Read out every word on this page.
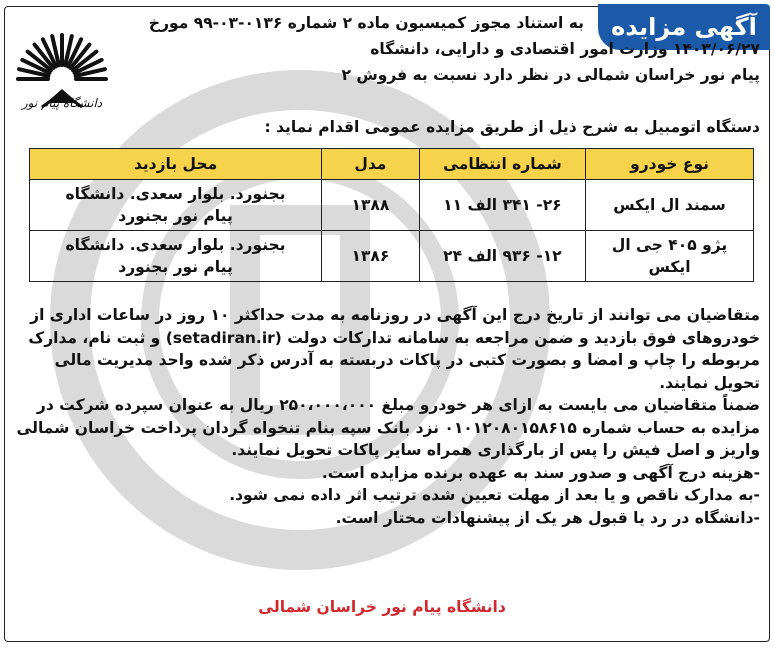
آگهی مزایده
دانشگاه پیام نور
به استناد مجوز کمیسیون ماده ۲ شماره ۰۱۳۶-۰۳-۹۹ مورخ
۱۴۰۳/۰۶/۲۷ وزارت امور اقتصادی و دارایی، دانشگاه
پیام نور خراسان شمالی در نظر دارد نسبت به فروش ۲
دستگاه اتومبیل به شرح ذیل از طریق مزایده عمومی اقدام نماید :
نوع خودرو	شماره انتظامی	مدل	محل بازدید
سمند ال ایکس	۲۶- ۳۴۱ الف ۱۱	۱۳۸۸	بجنورد. بلوار سعدی. دانشگاه
پیام نور بجنورد
پژو ۴۰۵ جی ال
ایکس	۱۲- ۹۳۶ الف ۲۴	۱۳۸۶	بجنورد. بلوار سعدی. دانشگاه
پیام نور بجنورد
متقاضیان می توانند از تاریخ درج این آگهی در روزنامه به مدت حداکثر ۱۰ روز در ساعات اداری از
خودروهای فوق بازدید و ضمن مراجعه به سامانه تدارکات دولت (setadiran.ir) و ثبت نام، مدارک
مربوطه را چاپ و امضا و بصورت کتبی در پاکات دربسته به آدرس ذکر شده واحد مدیریت مالی
تحویل نمایند.
ضمناً متقاضیان می بایست به ازای هر خودرو مبلغ ۲۵۰،۰۰۰،۰۰۰ ریال به عنوان سپرده شرکت در
مزایده به حساب شماره ۰۱۰۱۲۰۸۰۱۵۸۶۱۵ نزد بانک سپه بنام تنخواه گردان پرداخت خراسان شمالی
واریز و اصل فیش را پس از بارگذاری همراه سایر پاکات تحویل نمایند.
-هزینه درج آگهی و صدور سند به عهده برنده مزایده است.
-به مدارک ناقص و یا بعد از مهلت تعیین شده ترتیب اثر داده نمی شود.
-دانشگاه در رد یا قبول هر یک از پیشنهادات مختار است.
دانشگاه پیام نور خراسان شمالی
